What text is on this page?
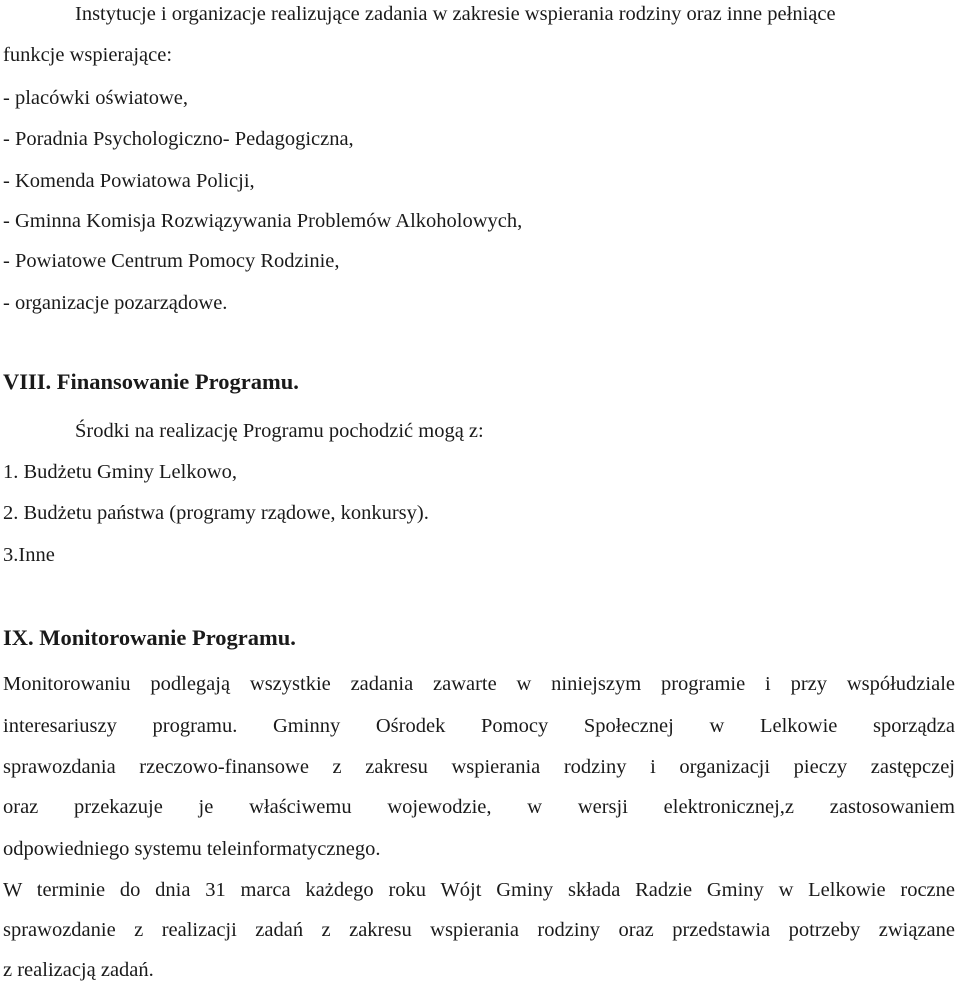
Instytucje i organizacje realizujące zadania w zakresie wspierania rodziny oraz inne pełniące
funkcje wspierające:
- placówki oświatowe,
- Poradnia Psychologiczno- Pedagogiczna,
- Komenda Powiatowa Policji,
- Gminna Komisja Rozwiązywania Problemów Alkoholowych,
- Powiatowe Centrum Pomocy Rodzinie,
- organizacje pozarządowe.
VIII. Finansowanie Programu.
Środki na realizację Programu pochodzić mogą z:
1. Budżetu Gminy Lelkowo,
2. Budżetu państwa (programy rządowe, konkursy).
3.Inne
IX. Monitorowanie Programu.
Monitorowaniu podlegają wszystkie zadania zawarte w niniejszym programie i przy współudziale
interesariuszy programu. Gminny Ośrodek Pomocy Społecznej w Lelkowie sporządza
sprawozdania rzeczowo-finansowe z zakresu wspierania rodziny i organizacji pieczy zastępczej
oraz przekazuje je właściwemu wojewodzie, w wersji elektronicznej,z zastosowaniem
odpowiedniego systemu teleinformatycznego.
W terminie do dnia 31 marca każdego roku Wójt Gminy składa Radzie Gminy w Lelkowie roczne
sprawozdanie z realizacji zadań z zakresu wspierania rodziny oraz przedstawia potrzeby związane
z realizacją zadań.
